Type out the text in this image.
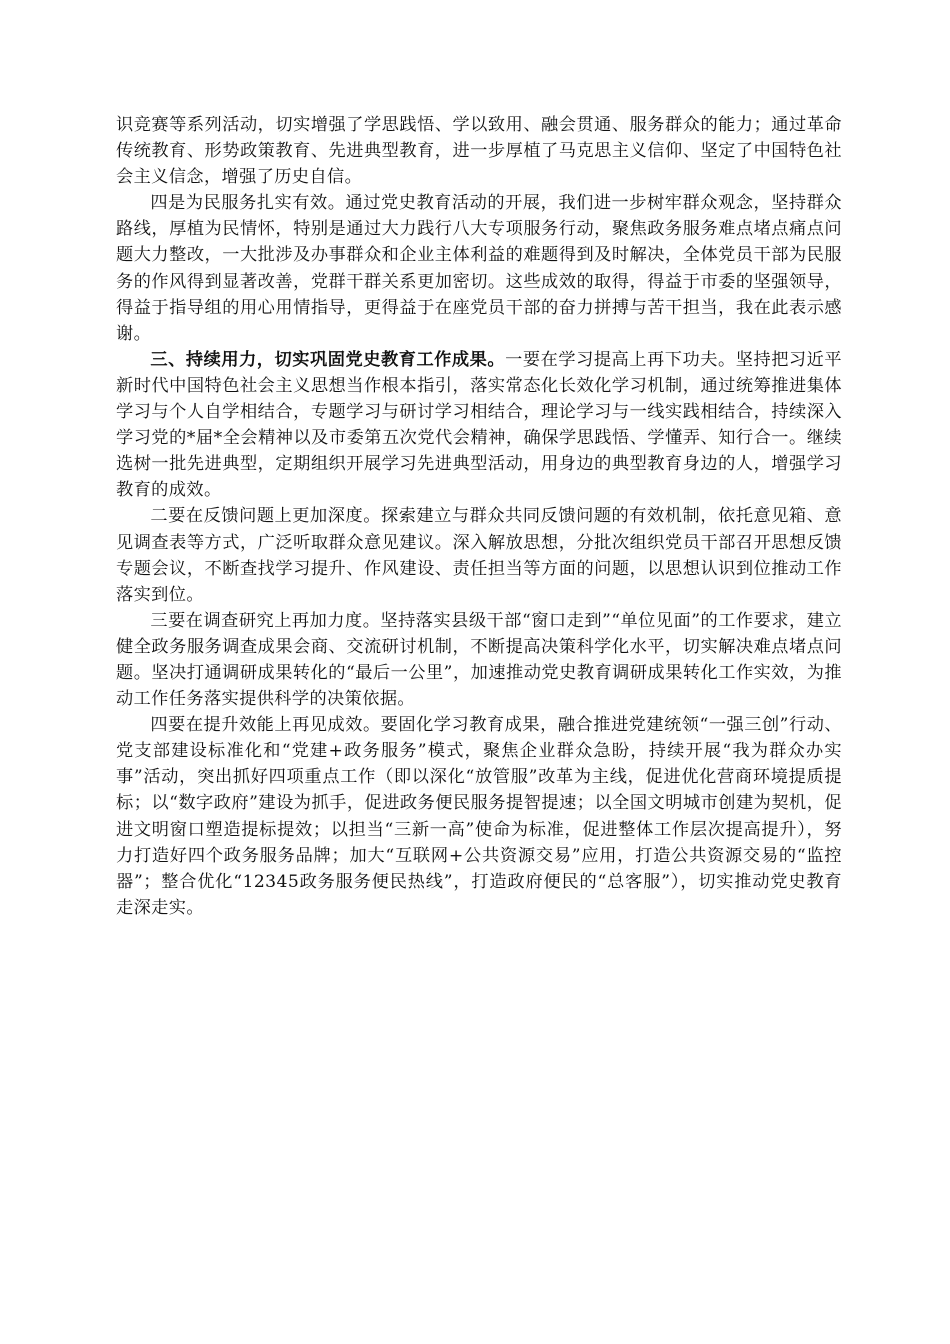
识竞赛等系列活动，切实增强了学思践悟、学以致用、融会贯通、服务群众的能力；通过革命传统教育、形势政策教育、先进典型教育，进一步厚植了马克思主义信仰、坚定了中国特色社会主义信念，增强了历史自信。

四是为民服务扎实有效。通过党史教育活动的开展，我们进一步树牢群众观念，坚持群众路线，厚植为民情怀，特别是通过大力践行八大专项服务行动，聚焦政务服务难点堵点痛点问题大力整改，一大批涉及办事群众和企业主体利益的难题得到及时解决，全体党员干部为民服务的作风得到显著改善，党群干群关系更加密切。这些成效的取得，得益于市委的坚强领导，得益于指导组的用心用情指导，更得益于在座党员干部的奋力拼搏与苦干担当，我在此表示感谢。

三、持续用力，切实巩固党史教育工作成果。一要在学习提高上再下功夫。坚持把习近平新时代中国特色社会主义思想当作根本指引，落实常态化长效化学习机制，通过统筹推进集体学习与个人自学相结合，专题学习与研讨学习相结合，理论学习与一线实践相结合，持续深入学习党的*届*全会精神以及市委第五次党代会精神，确保学思践悟、学懂弄、知行合一。继续选树一批先进典型，定期组织开展学习先进典型活动，用身边的典型教育身边的人，增强学习教育的成效。

二要在反馈问题上更加深度。探索建立与群众共同反馈问题的有效机制，依托意见箱、意见调查表等方式，广泛听取群众意见建议。深入解放思想，分批次组织党员干部召开思想反馈专题会议，不断查找学习提升、作风建设、责任担当等方面的问题，以思想认识到位推动工作落实到位。

三要在调查研究上再加力度。坚持落实县级干部“窗口走到”“单位见面”的工作要求，建立健全政务服务调查成果会商、交流研讨机制，不断提高决策科学化水平，切实解决难点堵点问题。坚决打通调研成果转化的“最后一公里”，加速推动党史教育调研成果转化工作实效，为推动工作任务落实提供科学的决策依据。

四要在提升效能上再见成效。要固化学习教育成果，融合推进党建统领“一强三创”行动、党支部建设标准化和“党建+政务服务”模式，聚焦企业群众急盼，持续开展“我为群众办实事”活动，突出抓好四项重点工作（即以深化“放管服”改革为主线，促进优化营商环境提质提标；以“数字政府”建设为抓手，促进政务便民服务提智提速；以全国文明城市创建为契机，促进文明窗口塑造提标提效；以担当“三新一高”使命为标准，促进整体工作层次提高提升），努力打造好四个政务服务品牌；加大“互联网+公共资源交易”应用，打造公共资源交易的“监控器”；整合优化“12345政务服务便民热线”，打造政府便民的“总客服”），切实推动党史教育走深走实。
